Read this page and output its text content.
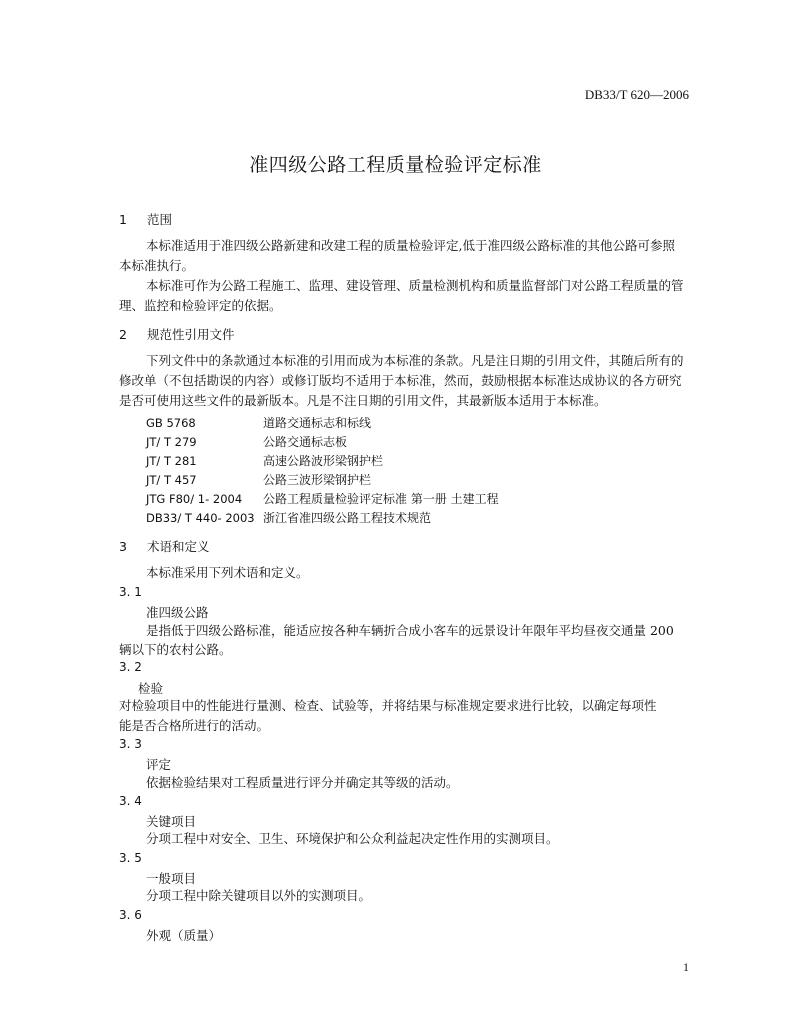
DB33/T 620—2006
准四级公路工程质量检验评定标准
1 范围
本标准适用于准四级公路新建和改建工程的质量检验评定,低于准四级公路标准的其他公路可参照
本标准执行。
本标准可作为公路工程施工、监理、建设管理、质量检测机构和质量监督部门对公路工程质量的管
理、监控和检验评定的依据。
2 规范性引用文件
下列文件中的条款通过本标准的引用而成为本标准的条款。凡是注日期的引用文件，其随后所有的
修改单（不包括勘误的内容）或修订版均不适用于本标准，然而，鼓励根据本标准达成协议的各方研究
是否可使用这些文件的最新版本。凡是不注日期的引用文件，其最新版本适用于本标准。
GB 5768	道路交通标志和标线
JT/ T 279	公路交通标志板
JT/ T 281	高速公路波形梁钢护栏
JT/ T 457	公路三波形梁钢护栏
JTG F80/ 1- 2004 公路工程质量检验评定标准 第一册 土建工程
DB33/ T 440- 2003 浙江省准四级公路工程技术规范
3 术语和定义
本标准采用下列术语和定义。
3. 1
准四级公路
是指低于四级公路标准，能适应按各种车辆折合成小客车的远景设计年限年平均昼夜交通量 200
辆以下的农村公路。
3. 2
检验
对检验项目中的性能进行量测、检查、试验等，并将结果与标准规定要求进行比较，以确定每项性
能是否合格所进行的活动。
3. 3
评定
依据检验结果对工程质量进行评分并确定其等级的活动。
3. 4
关键项目
分项工程中对安全、卫生、环境保护和公众利益起决定性作用的实测项目。
3. 5
一般项目
分项工程中除关键项目以外的实测项目。
3. 6
外观（质量）
1
